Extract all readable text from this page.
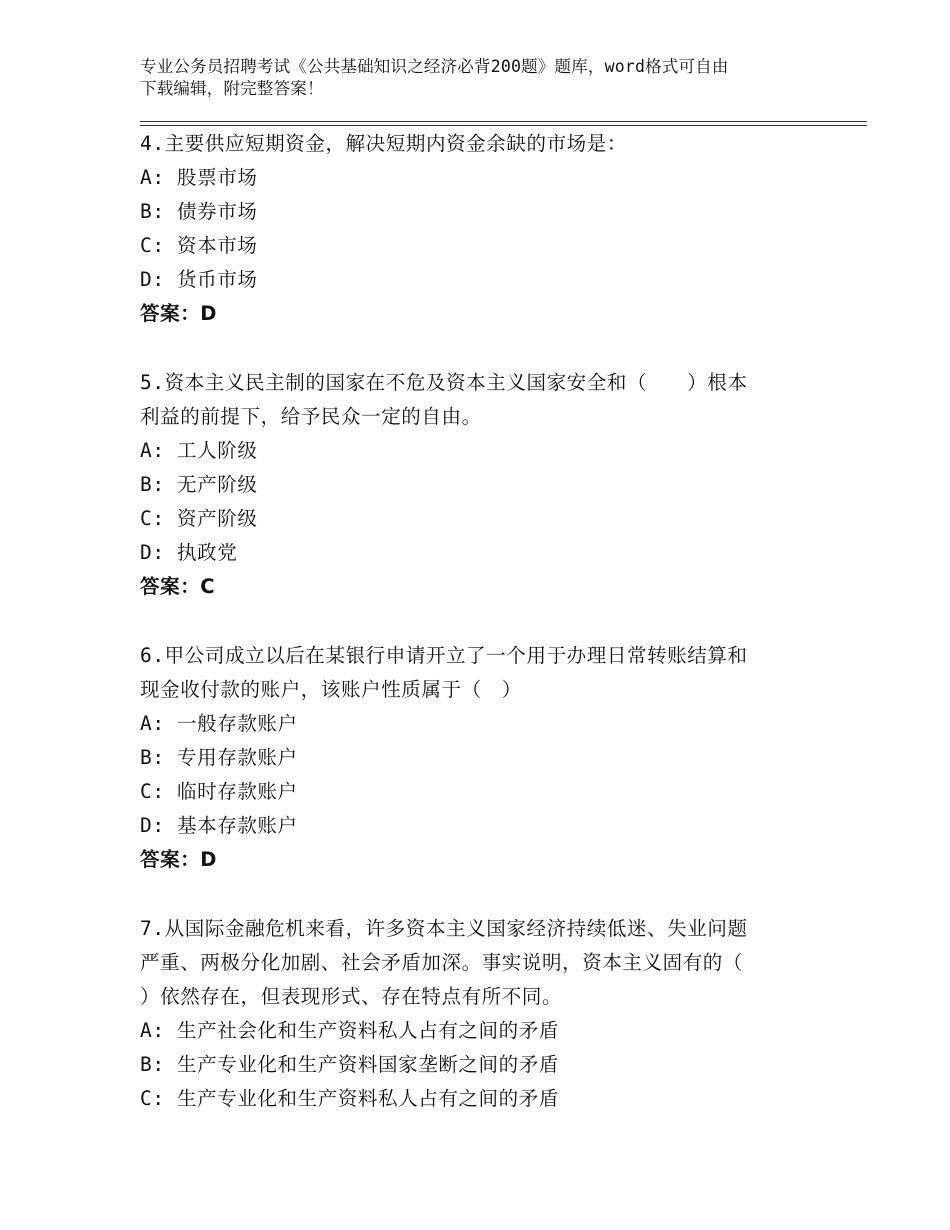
专业公务员招聘考试《公共基础知识之经济必背200题》题库，word格式可自由
下载编辑，附完整答案！

4.主要供应短期资金，解决短期内资金余缺的市场是：

A: 股票市场

B: 债券市场

C: 资本市场

D: 货币市场

答案：D

5.资本主义民主制的国家在不危及资本主义国家安全和（　　）根本

利益的前提下，给予民众一定的自由。

A: 工人阶级

B: 无产阶级

C: 资产阶级

D: 执政党

答案：C

6.甲公司成立以后在某银行申请开立了一个用于办理日常转账结算和

现金收付款的账户，该账户性质属于（　）

A: 一般存款账户

B: 专用存款账户

C: 临时存款账户

D: 基本存款账户

答案：D

7.从国际金融危机来看，许多资本主义国家经济持续低迷、失业问题

严重、两极分化加剧、社会矛盾加深。事实说明，资本主义固有的（

）依然存在，但表现形式、存在特点有所不同。

A: 生产社会化和生产资料私人占有之间的矛盾

B: 生产专业化和生产资料国家垄断之间的矛盾

C: 生产专业化和生产资料私人占有之间的矛盾
